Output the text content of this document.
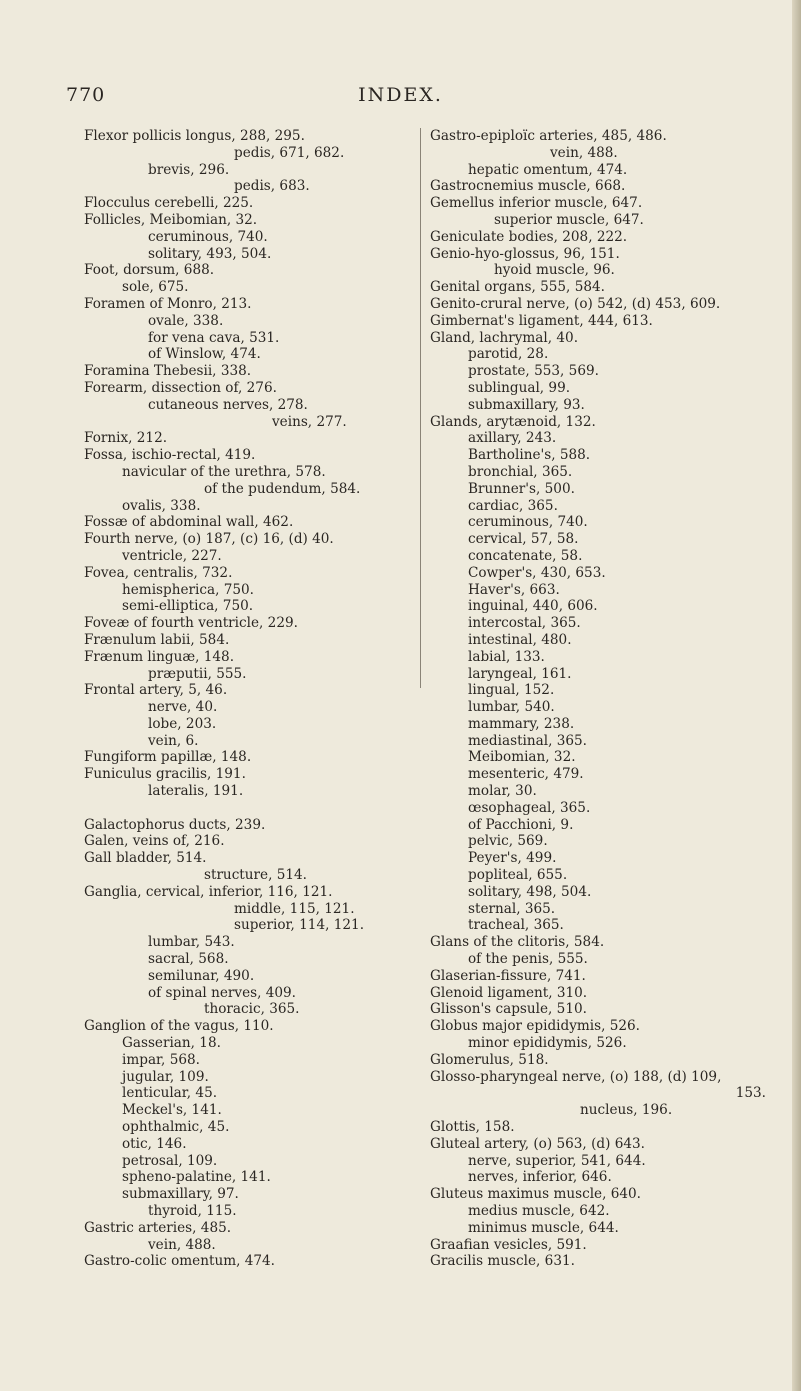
770	INDEX.
Flexor pollicis longus, 288, 295.
pedis, 671, 682.
brevis, 296.
pedis, 683.
Flocculus cerebelli, 225.
Follicles, Meibomian, 32.
ceruminous, 740.
solitary, 493, 504.
Foot, dorsum, 688.
sole, 675.
Foramen of Monro, 213.
ovale, 338.
for vena cava, 531.
of Winslow, 474.
Foramina Thebesii, 338.
Forearm, dissection of, 276.
cutaneous nerves, 278.
veins, 277.
Fornix, 212.
Fossa, ischio-rectal, 419.
navicular of the urethra, 578.
of the pudendum, 584.
ovalis, 338.
Fossæ of abdominal wall, 462.
Fourth nerve, (o) 187, (c) 16, (d) 40.
ventricle, 227.
Fovea, centralis, 732.
hemispherica, 750.
semi-elliptica, 750.
Foveæ of fourth ventricle, 229.
Frænulum labii, 584.
Frænum linguæ, 148.
præputii, 555.
Frontal artery, 5, 46.
nerve, 40.
lobe, 203.
vein, 6.
Fungiform papillæ, 148.
Funiculus gracilis, 191.
lateralis, 191.
Galactophorus ducts, 239.
Galen, veins of, 216.
Gall bladder, 514.
structure, 514.
Ganglia, cervical, inferior, 116, 121.
middle, 115, 121.
superior, 114, 121.
lumbar, 543.
sacral, 568.
semilunar, 490.
of spinal nerves, 409.
thoracic, 365.
Ganglion of the vagus, 110.
Gasserian, 18.
impar, 568.
jugular, 109.
lenticular, 45.
Meckel's, 141.
ophthalmic, 45.
otic, 146.
petrosal, 109.
spheno-palatine, 141.
submaxillary, 97.
thyroid, 115.
Gastric arteries, 485.
vein, 488.
Gastro-colic omentum, 474.
Gastro-epiploïc arteries, 485, 486.
vein, 488.
hepatic omentum, 474.
Gastrocnemius muscle, 668.
Gemellus inferior muscle, 647.
superior muscle, 647.
Geniculate bodies, 208, 222.
Genio-hyo-glossus, 96, 151.
hyoid muscle, 96.
Genital organs, 555, 584.
Genito-crural nerve, (o) 542, (d) 453, 609.
Gimbernat's ligament, 444, 613.
Gland, lachrymal, 40.
parotid, 28.
prostate, 553, 569.
sublingual, 99.
submaxillary, 93.
Glands, arytænoid, 132.
axillary, 243.
Bartholine's, 588.
bronchial, 365.
Brunner's, 500.
cardiac, 365.
ceruminous, 740.
cervical, 57, 58.
concatenate, 58.
Cowper's, 430, 653.
Haver's, 663.
inguinal, 440, 606.
intercostal, 365.
intestinal, 480.
labial, 133.
laryngeal, 161.
lingual, 152.
lumbar, 540.
mammary, 238.
mediastinal, 365.
Meibomian, 32.
mesenteric, 479.
molar, 30.
œsophageal, 365.
of Pacchioni, 9.
pelvic, 569.
Peyer's, 499.
popliteal, 655.
solitary, 498, 504.
sternal, 365.
tracheal, 365.
Glans of the clitoris, 584.
of the penis, 555.
Glaserian-fissure, 741.
Glenoid ligament, 310.
Glisson's capsule, 510.
Globus major epididymis, 526.
minor epididymis, 526.
Glomerulus, 518.
Glosso-pharyngeal nerve, (o) 188, (d) 109,
153.
nucleus, 196.
Glottis, 158.
Gluteal artery, (o) 563, (d) 643.
nerve, superior, 541, 644.
nerves, inferior, 646.
Gluteus maximus muscle, 640.
medius muscle, 642.
minimus muscle, 644.
Graafian vesicles, 591.
Gracilis muscle, 631.
